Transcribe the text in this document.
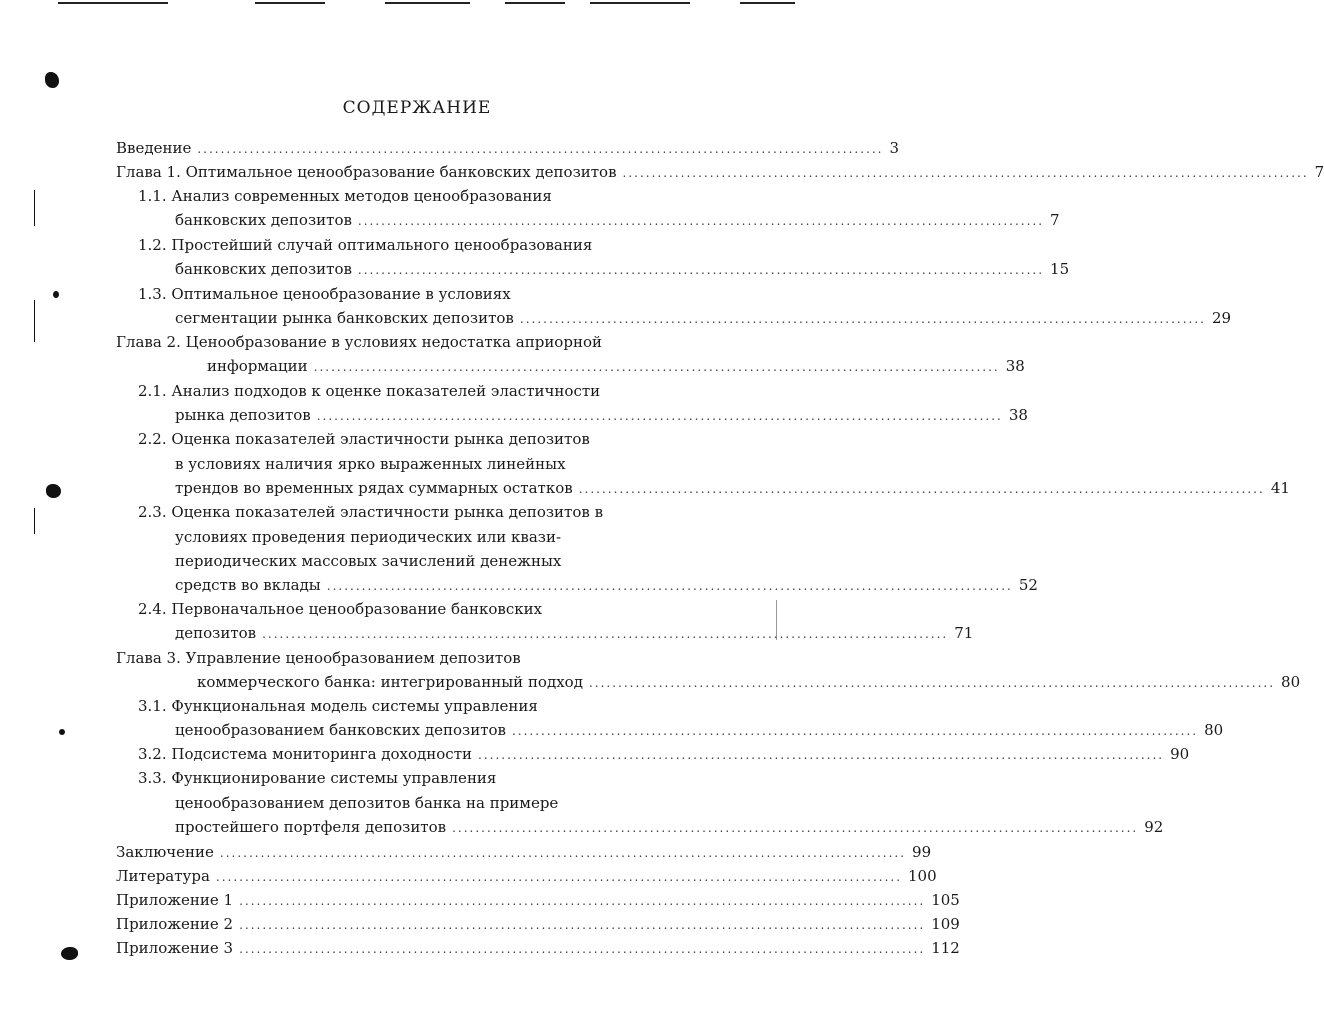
СОДЕРЖАНИЕ
Введение ...................................................................................................................... 3
Глава 1. Оптимальное ценообразование банковских депозитов ...................................................................................................................... 7
1.1. Анализ современных методов ценообразования
банковских депозитов ...................................................................................................................... 7
1.2. Простейший случай оптимального ценообразования
банковских депозитов ...................................................................................................................... 15
1.3. Оптимальное ценообразование в условиях
сегментации рынка банковских депозитов ...................................................................................................................... 29
Глава 2. Ценообразование в условиях недостатка априорной
информации ...................................................................................................................... 38
2.1. Анализ подходов к оценке показателей эластичности
рынка депозитов ...................................................................................................................... 38
2.2. Оценка показателей эластичности рынка депозитов
в условиях наличия ярко выраженных линейных
трендов во временных рядах суммарных остатков ...................................................................................................................... 41
2.3. Оценка показателей эластичности рынка депозитов в
условиях проведения периодических или квази-
периодических массовых зачислений денежных
средств во вклады ...................................................................................................................... 52
2.4. Первоначальное ценообразование банковских
депозитов ...................................................................................................................... 71
Глава 3. Управление ценообразованием депозитов
коммерческого банка: интегрированный подход ...................................................................................................................... 80
3.1. Функциональная модель системы управления
ценообразованием банковских депозитов ...................................................................................................................... 80
3.2. Подсистема мониторинга доходности ...................................................................................................................... 90
3.3. Функционирование системы управления
ценообразованием депозитов банка на примере
простейшего портфеля депозитов ...................................................................................................................... 92
Заключение ...................................................................................................................... 99
Литература ...................................................................................................................... 100
Приложение 1 ...................................................................................................................... 105
Приложение 2 ...................................................................................................................... 109
Приложение 3 ...................................................................................................................... 112
